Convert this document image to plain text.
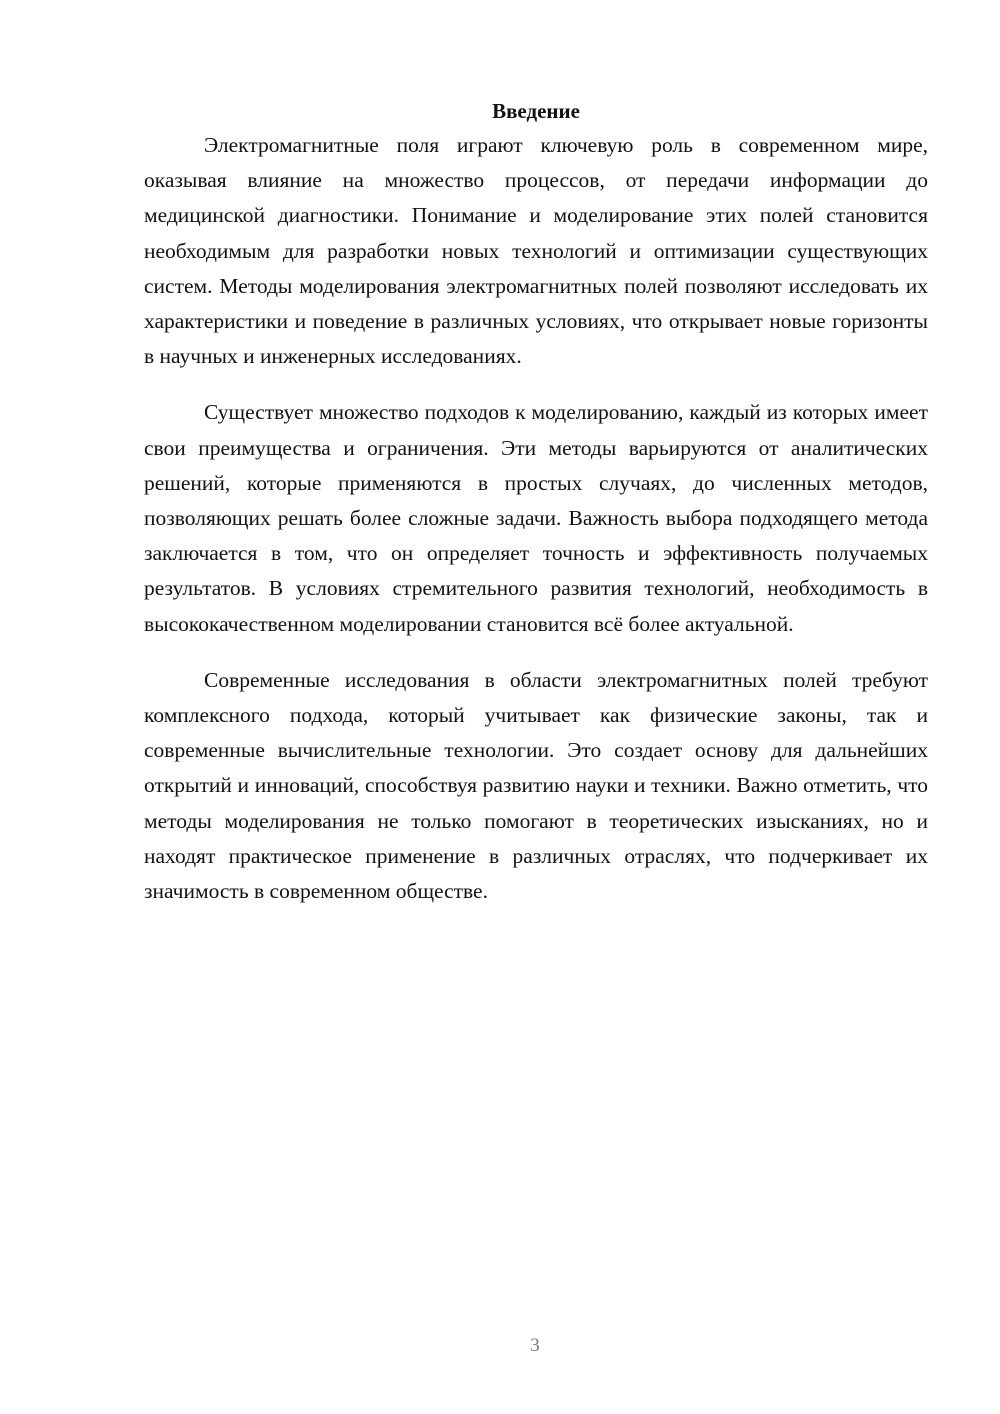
Введение

Электромагнитные поля играют ключевую роль в современном мире, оказывая влияние на множество процессов, от передачи информации до медицинской диагностики. Понимание и моделирование этих полей становится необходимым для разработки новых технологий и оптимизации существующих систем. Методы моделирования электромагнитных полей позволяют исследовать их характеристики и поведение в различных условиях, что открывает новые горизонты в научных и инженерных исследованиях.

Существует множество подходов к моделированию, каждый из которых имеет свои преимущества и ограничения. Эти методы варьируются от аналитических решений, которые применяются в простых случаях, до численных методов, позволяющих решать более сложные задачи. Важность выбора подходящего метода заключается в том, что он определяет точность и эффективность получаемых результатов. В условиях стремительного развития технологий, необходимость в высококачественном моделировании становится всё более актуальной.

Современные исследования в области электромагнитных полей требуют комплексного подхода, который учитывает как физические законы, так и современные вычислительные технологии. Это создает основу для дальнейших открытий и инноваций, способствуя развитию науки и техники. Важно отметить, что методы моделирования не только помогают в теоретических изысканиях, но и находят практическое применение в различных отраслях, что подчеркивает их значимость в современном обществе.

3
